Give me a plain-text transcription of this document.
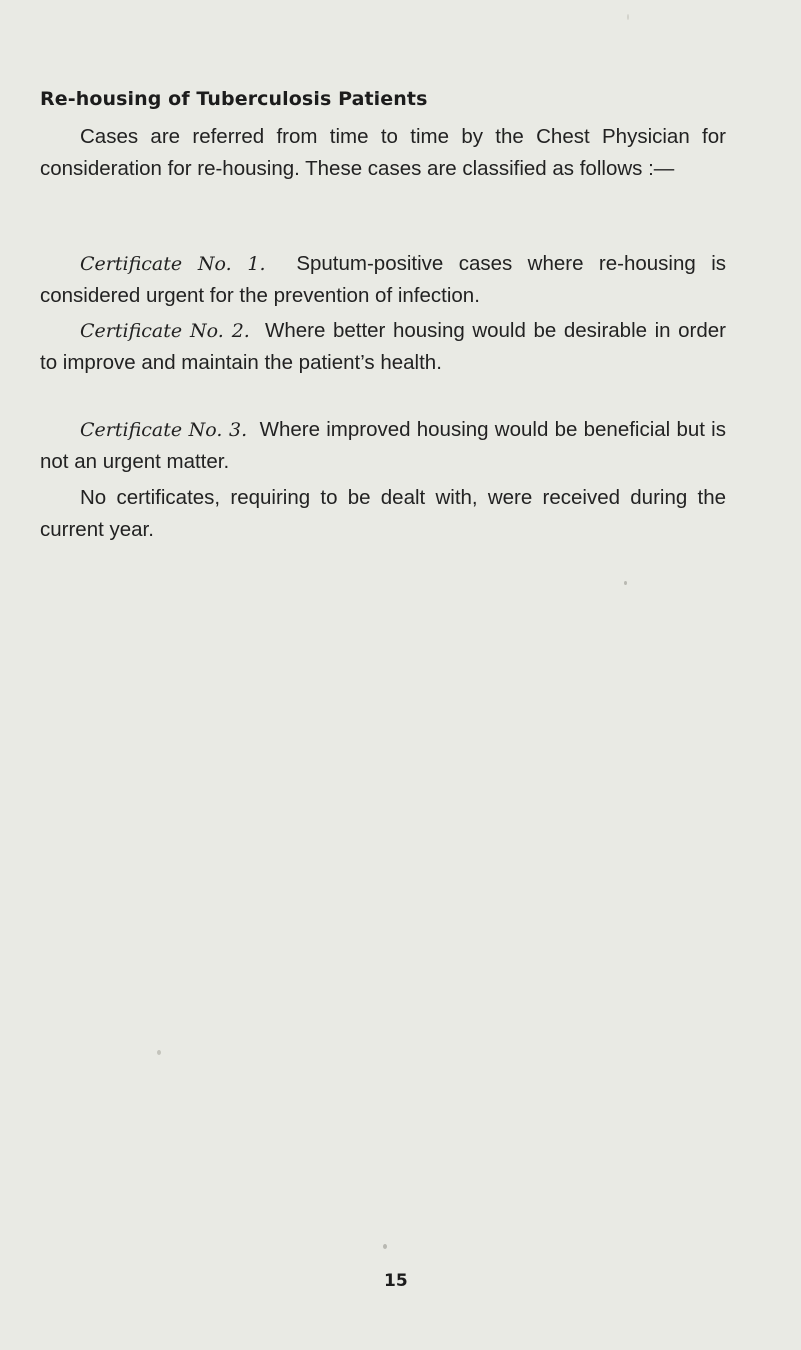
Re-housing of Tuberculosis Patients
Cases are referred from time to time by the Chest Physician for consideration for re-housing. These cases are classified as follows :—
Certificate No. 1. Sputum-positive cases where re-housing is considered urgent for the prevention of infection.
Certificate No. 2. Where better housing would be desirable in order to improve and maintain the patient’s health.
Certificate No. 3. Where improved housing would be beneficial but is not an urgent matter.
No certificates, requiring to be dealt with, were received during the current year.
15
